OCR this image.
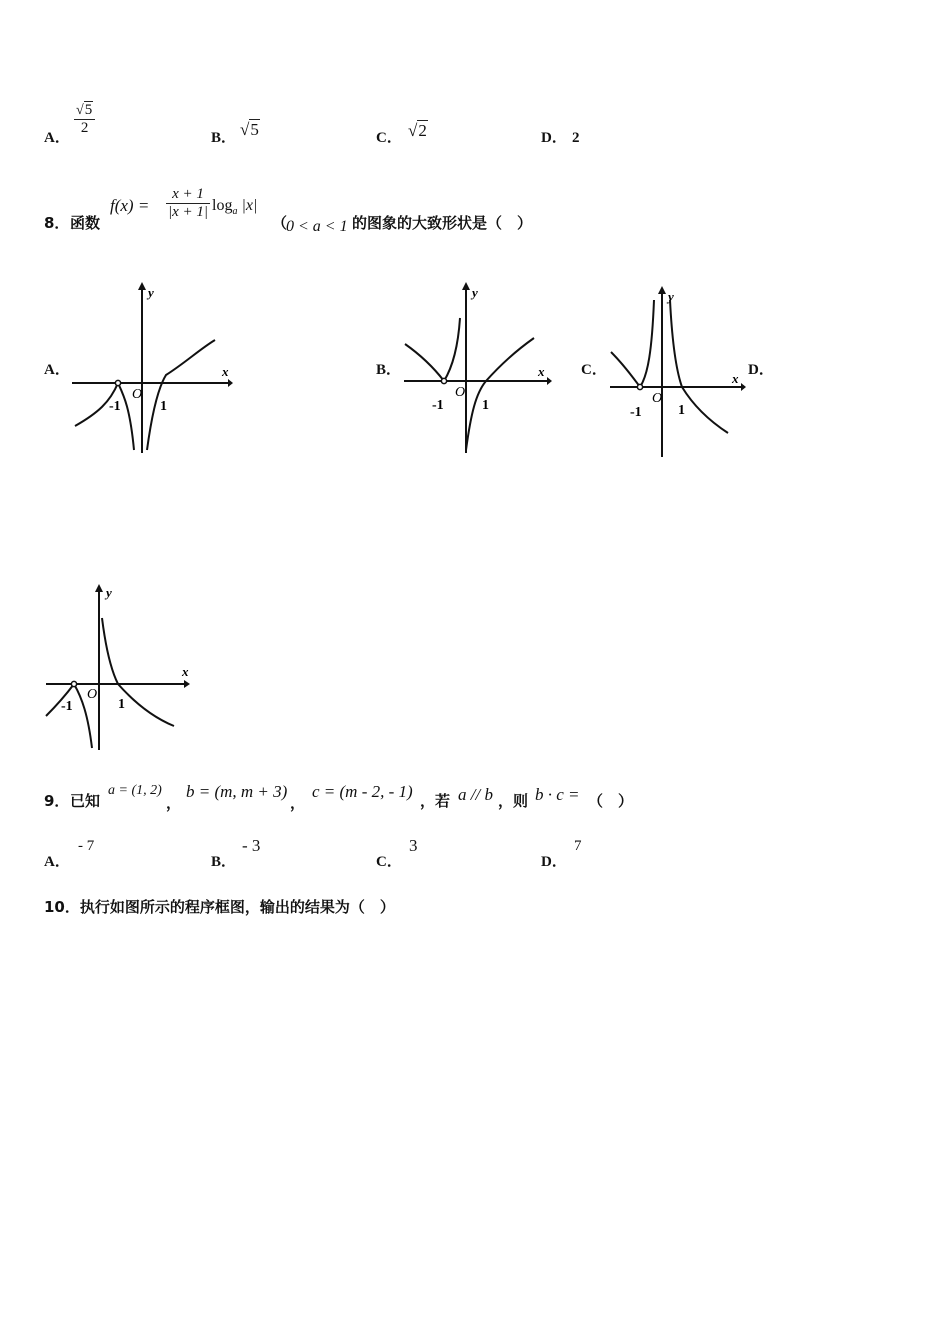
A．
$\frac{√5}{2}$
B． √5	C． √2	D． 2
8． 函数
$f(x) = \frac{x + 1}{|x + 1|} \log_a |x|$
（
0 < a < 1 的图象的大致形状是（　）
A．	B．	C．	D．
x
y
-1
O
1
x
y
-1
O
1
x
y
-1
O
1
x
y
-1
O
1
9． 已知
a = (1, 2)
，
b = (m, m + 3)
，
c = (m - 2, - 1) ，若 a // b ，则 b · c = （　）
A．
- 7
B．
- 3
C．
3
D．
7
10．执行如图所示的程序框图，输出的结果为（　）
